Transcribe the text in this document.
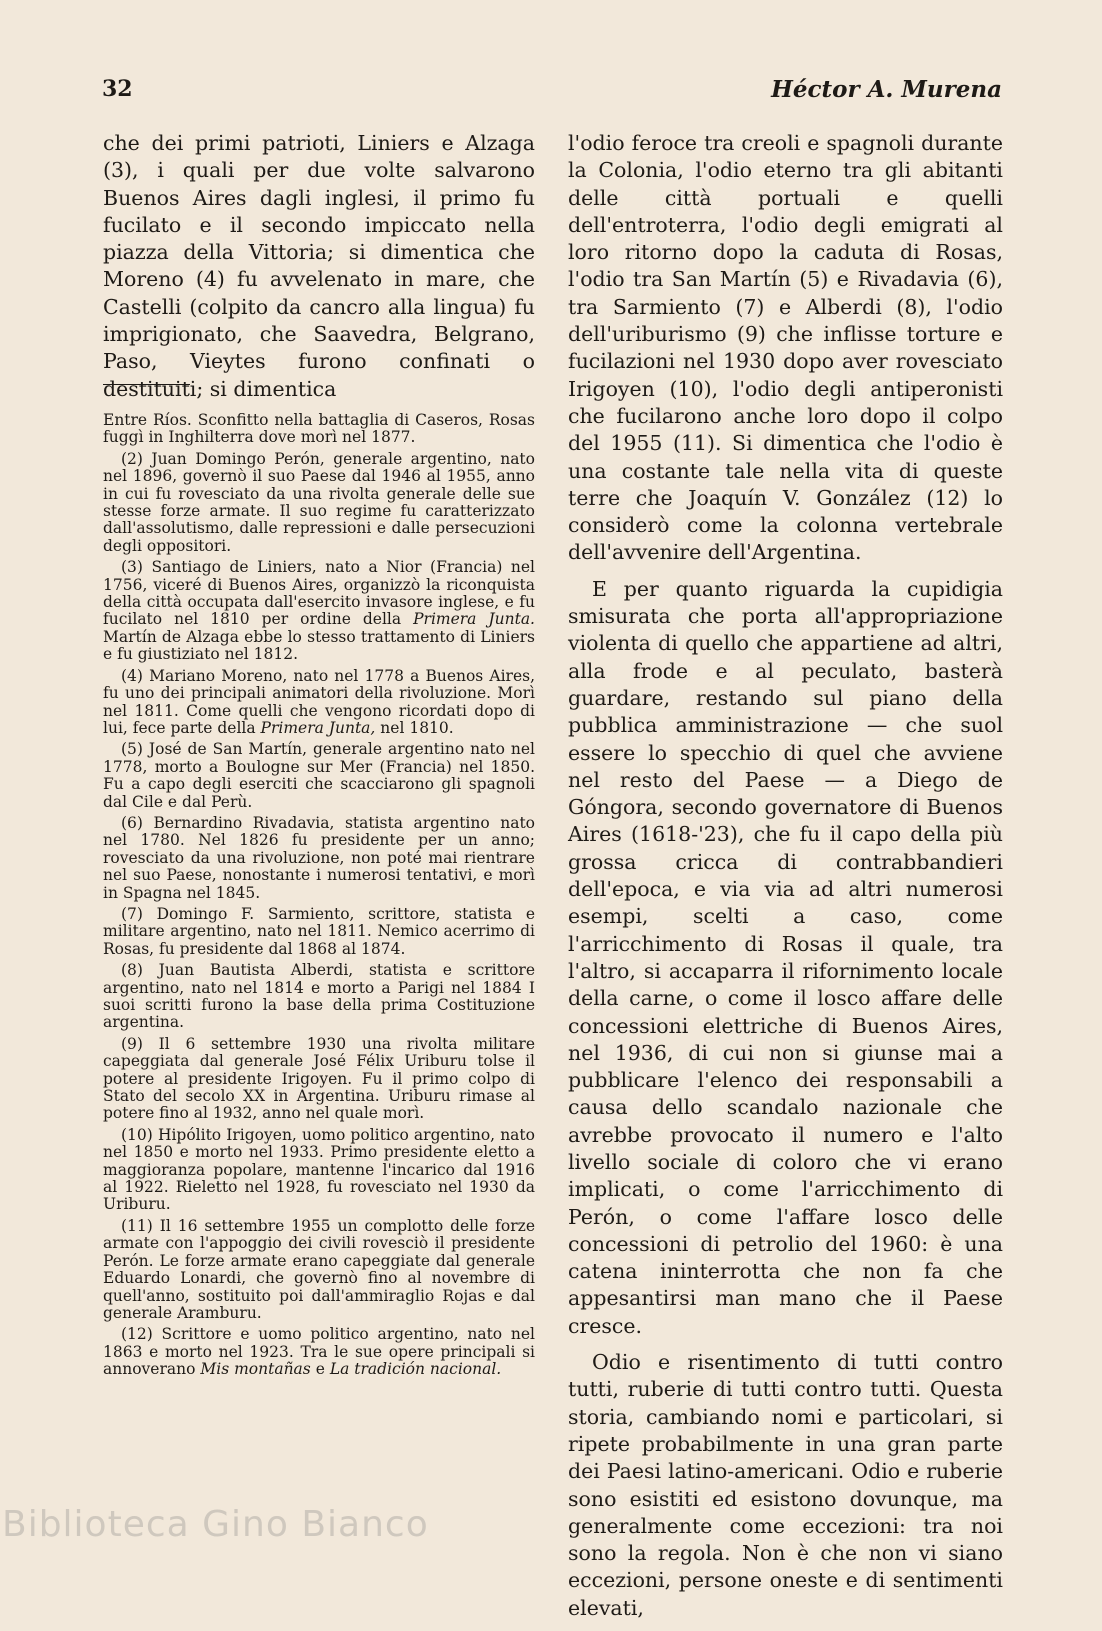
32	Héctor A. Murena

che dei primi patrioti, Liniers e Alzaga (3), i quali per due volte salvarono Buenos Aires dagli inglesi, il primo fu fucilato e il secondo impiccato nella piazza della Vittoria; si dimentica che Moreno (4) fu avvelenato in mare, che Castelli (colpito da cancro alla lingua) fu imprigionato, che Saavedra, Belgrano, Paso, Vieytes furono confinati o destituiti; si dimentica

Entre Ríos. Sconfitto nella battaglia di Caseros, Rosas fuggì in Inghilterra dove morì nel 1877.

(2) Juan Domingo Perón, generale argentino, nato nel 1896, governò il suo Paese dal 1946 al 1955, anno in cui fu rovesciato da una rivolta generale delle sue stesse forze armate. Il suo regime fu caratterizzato dall'assolutismo, dalle repressioni e dalle persecuzioni degli oppositori.

(3) Santiago de Liniers, nato a Nior (Francia) nel 1756, viceré di Buenos Aires, organizzò la riconquista della città occupata dall'esercito invasore inglese, e fu fucilato nel 1810 per ordine della Primera Junta. Martín de Alzaga ebbe lo stesso trattamento di Liniers e fu giustiziato nel 1812.

(4) Mariano Moreno, nato nel 1778 a Buenos Aires, fu uno dei principali animatori della rivoluzione. Morì nel 1811. Come quelli che vengono ricordati dopo di lui, fece parte della Primera Junta, nel 1810.

(5) José de San Martín, generale argentino nato nel 1778, morto a Boulogne sur Mer (Francia) nel 1850. Fu a capo degli eserciti che scacciarono gli spagnoli dal Cile e dal Perù.

(6) Bernardino Rivadavia, statista argentino nato nel 1780. Nel 1826 fu presidente per un anno; rovesciato da una rivoluzione, non poté mai rientrare nel suo Paese, nonostante i numerosi tentativi, e morì in Spagna nel 1845.

(7) Domingo F. Sarmiento, scrittore, statista e militare argentino, nato nel 1811. Nemico acerrimo di Rosas, fu presidente dal 1868 al 1874.

(8) Juan Bautista Alberdi, statista e scrittore argentino, nato nel 1814 e morto a Parigi nel 1884 I suoi scritti furono la base della prima Costituzione argentina.

(9) Il 6 settembre 1930 una rivolta militare capeggiata dal generale José Félix Uriburu tolse il potere al presidente Irigoyen. Fu il primo colpo di Stato del secolo XX in Argentina. Uriburu rimase al potere fino al 1932, anno nel quale morì.

(10) Hipólito Irigoyen, uomo politico argentino, nato nel 1850 e morto nel 1933. Primo presidente eletto a maggioranza popolare, mantenne l'incarico dal 1916 al 1922. Rieletto nel 1928, fu rovesciato nel 1930 da Uriburu.

(11) Il 16 settembre 1955 un complotto delle forze armate con l'appoggio dei civili rovesciò il presidente Perón. Le forze armate erano capeggiate dal generale Eduardo Lonardi, che governò fino al novembre di quell'anno, sostituito poi dall'ammiraglio Rojas e dal generale Aramburu.

(12) Scrittore e uomo politico argentino, nato nel 1863 e morto nel 1923. Tra le sue opere principali si annoverano Mis montañas e La tradición nacional.

l'odio feroce tra creoli e spagnoli durante la Colonia, l'odio eterno tra gli abitanti delle città portuali e quelli dell'entroterra, l'odio degli emigrati al loro ritorno dopo la caduta di Rosas, l'odio tra San Martín (5) e Rivadavia (6), tra Sarmiento (7) e Alberdi (8), l'odio dell'uriburismo (9) che inflisse torture e fucilazioni nel 1930 dopo aver rovesciato Irigoyen (10), l'odio degli antiperonisti che fucilarono anche loro dopo il colpo del 1955 (11). Si dimentica che l'odio è una costante tale nella vita di queste terre che Joaquín V. González (12) lo considerò come la colonna vertebrale dell'avvenire dell'Argentina.

E per quanto riguarda la cupidigia smisurata che porta all'appropriazione violenta di quello che appartiene ad altri, alla frode e al peculato, basterà guardare, restando sul piano della pubblica amministrazione — che suol essere lo specchio di quel che avviene nel resto del Paese — a Diego de Góngora, secondo governatore di Buenos Aires (1618-'23), che fu il capo della più grossa cricca di contrabbandieri dell'epoca, e via via ad altri numerosi esempi, scelti a caso, come l'arricchimento di Rosas il quale, tra l'altro, si accaparra il rifornimento locale della carne, o come il losco affare delle concessioni elettriche di Buenos Aires, nel 1936, di cui non si giunse mai a pubblicare l'elenco dei responsabili a causa dello scandalo nazionale che avrebbe provocato il numero e l'alto livello sociale di coloro che vi erano implicati, o come l'arricchimento di Perón, o come l'affare losco delle concessioni di petrolio del 1960: è una catena ininterrotta che non fa che appesantirsi man mano che il Paese cresce.

Odio e risentimento di tutti contro tutti, ruberie di tutti contro tutti. Questa storia, cambiando nomi e particolari, si ripete probabilmente in una gran parte dei Paesi latino-americani. Odio e ruberie sono esistiti ed esistono dovunque, ma generalmente come eccezioni: tra noi sono la regola. Non è che non vi siano eccezioni, persone oneste e di sentimenti elevati,

Biblioteca Gino Bianco
